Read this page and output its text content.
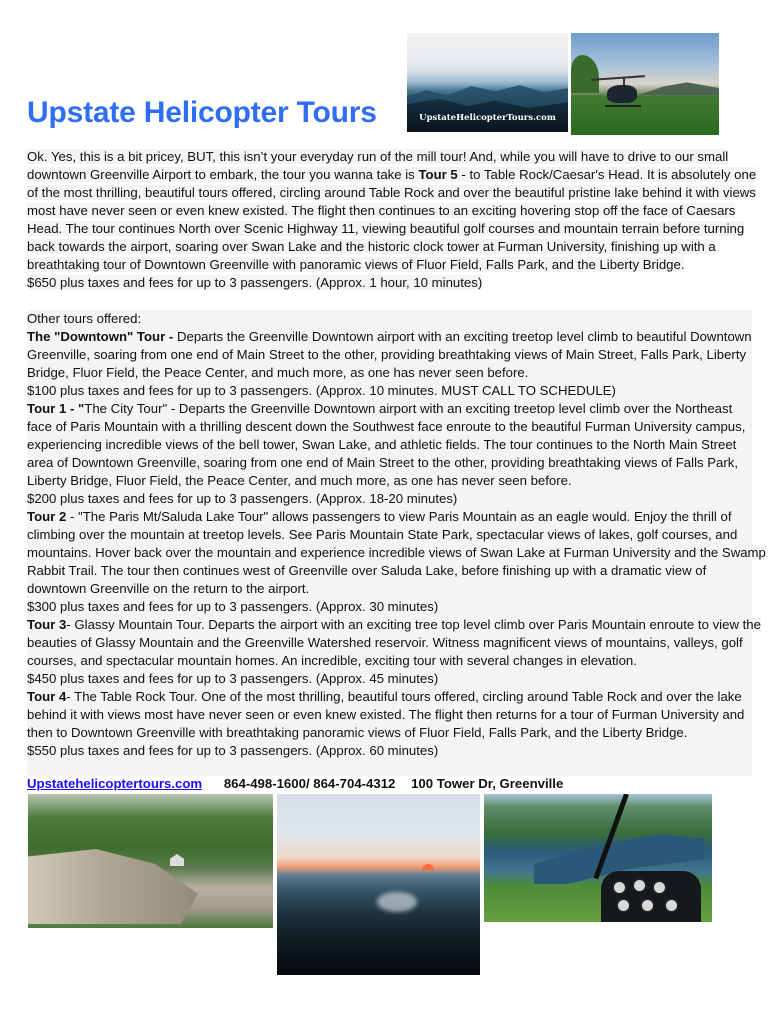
Upstate Helicopter Tours	UpstateHelicopterTours.com
Ok. Yes, this is a bit pricey, BUT, this isn’t your everyday run of the mill tour! And, while you will have to drive to our small
downtown Greenville Airport to embark, the tour you wanna take is Tour 5 - to Table Rock/Caesar's Head. It is absolutely one
of the most thrilling, beautiful tours offered, circling around Table Rock and over the beautiful pristine lake behind it with views
most have never seen or even knew existed. The flight then continues to an exciting hovering stop off the face of Caesars
Head. The tour continues North over Scenic Highway 11, viewing beautiful golf courses and mountain terrain before turning
back towards the airport, soaring over Swan Lake and the historic clock tower at Furman University, finishing up with a
breathtaking tour of Downtown Greenville with panoramic views of Fluor Field, Falls Park, and the Liberty Bridge.
$650 plus taxes and fees for up to 3 passengers. (Approx. 1 hour, 10 minutes)
Other tours offered:
The "Downtown" Tour - Departs the Greenville Downtown airport with an exciting treetop level climb to beautiful Downtown
Greenville, soaring from one end of Main Street to the other, providing breathtaking views of Main Street, Falls Park, Liberty
Bridge, Fluor Field, the Peace Center, and much more, as one has never seen before.
$100 plus taxes and fees for up to 3 passengers. (Approx. 10 minutes. MUST CALL TO SCHEDULE)
Tour 1 - "The City Tour" - Departs the Greenville Downtown airport with an exciting treetop level climb over the Northeast
face of Paris Mountain with a thrilling descent down the Southwest face enroute to the beautiful Furman University campus,
experiencing incredible views of the bell tower, Swan Lake, and athletic fields. The tour continues to the North Main Street
area of Downtown Greenville, soaring from one end of Main Street to the other, providing breathtaking views of Falls Park,
Liberty Bridge, Fluor Field, the Peace Center, and much more, as one has never seen before.
$200 plus taxes and fees for up to 3 passengers. (Approx. 18-20 minutes)
Tour 2 - "The Paris Mt/Saluda Lake Tour" allows passengers to view Paris Mountain as an eagle would. Enjoy the thrill of
climbing over the mountain at treetop levels. See Paris Mountain State Park, spectacular views of lakes, golf courses, and
mountains. Hover back over the mountain and experience incredible views of Swan Lake at Furman University and the Swamp
Rabbit Trail. The tour then continues west of Greenville over Saluda Lake, before finishing up with a dramatic view of
downtown Greenville on the return to the airport.
$300 plus taxes and fees for up to 3 passengers. (Approx. 30 minutes)
Tour 3- Glassy Mountain Tour. Departs the airport with an exciting tree top level climb over Paris Mountain enroute to view the
beauties of Glassy Mountain and the Greenville Watershed reservoir. Witness magnificent views of mountains, valleys, golf
courses, and spectacular mountain homes. An incredible, exciting tour with several changes in elevation.
$450 plus taxes and fees for up to 3 passengers. (Approx. 45 minutes)
Tour 4- The Table Rock Tour. One of the most thrilling, beautiful tours offered, circling around Table Rock and over the lake
behind it with views most have never seen or even knew existed. The flight then returns for a tour of Furman University and
then to Downtown Greenville with breathtaking panoramic views of Fluor Field, Falls Park, and the Liberty Bridge.
$550 plus taxes and fees for up to 3 passengers. (Approx. 60 minutes)
Upstatehelicoptertours.com 864-498-1600/ 864-704-4312 100 Tower Dr, Greenville
